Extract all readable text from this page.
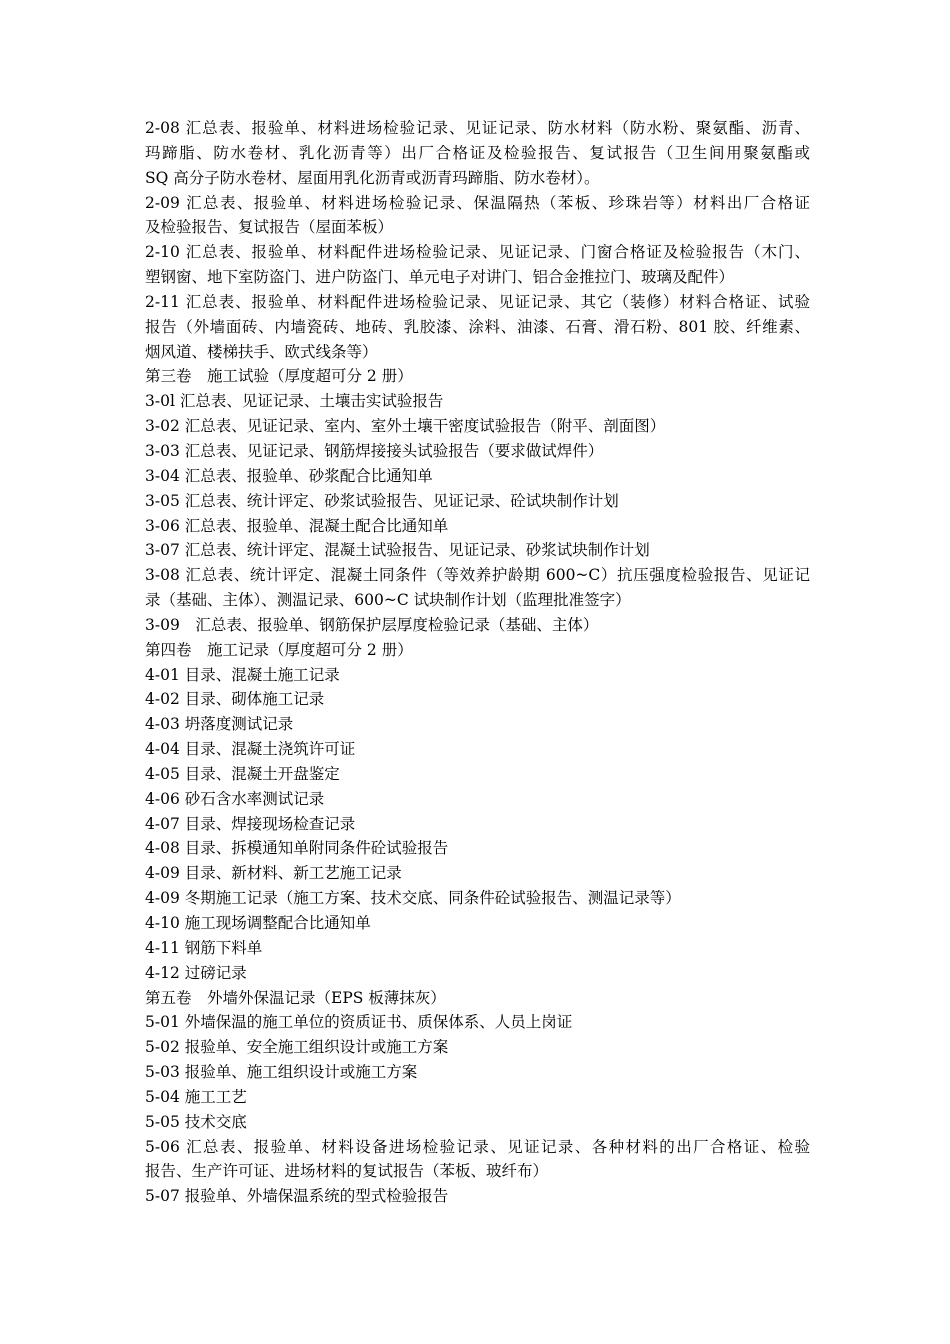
2-08 汇总表、报验单、材料进场检验记录、见证记录、防水材料（防水粉、聚氨酯、沥青、
玛蹄脂、防水卷材、乳化沥青等）出厂合格证及检验报告、复试报告（卫生间用聚氨酯或
SQ 高分子防水卷材、屋面用乳化沥青或沥青玛蹄脂、防水卷材）。
2-09 汇总表、报验单、材料进场检验记录、保温隔热（苯板、珍珠岩等）材料出厂合格证
及检验报告、复试报告（屋面苯板）
2-10 汇总表、报验单、材料配件进场检验记录、见证记录、门窗合格证及检验报告（木门、
塑钢窗、地下室防盗门、进户防盗门、单元电子对讲门、铝合金推拉门、玻璃及配件）
2-11 汇总表、报验单、材料配件进场检验记录、见证记录、其它（装修）材料合格证、试验
报告（外墙面砖、内墙瓷砖、地砖、乳胶漆、涂料、油漆、石膏、滑石粉、801 胶、纤维素、
烟风道、楼梯扶手、欧式线条等）
第三卷　施工试验（厚度超可分 2 册）
3-0l 汇总表、见证记录、土壤击实试验报告
3-02 汇总表、见证记录、室内、室外土壤干密度试验报告（附平、剖面图）
3-03 汇总表、见证记录、钢筋焊接接头试验报告（要求做试焊件）
3-04 汇总表、报验单、砂浆配合比通知单
3-05 汇总表、统计评定、砂浆试验报告、见证记录、砼试块制作计划
3-06 汇总表、报验单、混凝土配合比通知单
3-07 汇总表、统计评定、混凝土试验报告、见证记录、砂浆试块制作计划
3-08 汇总表、统计评定、混凝土同条件（等效养护龄期 600~C）抗压强度检验报告、见证记
录（基础、主体）、测温记录、600~C 试块制作计划（监理批准签字）
3-09　汇总表、报验单、钢筋保护层厚度检验记录（基础、主体）
第四卷　施工记录（厚度超可分 2 册）
4-01 目录、混凝土施工记录
4-02 目录、砌体施工记录
4-03 坍落度测试记录
4-04 目录、混凝土浇筑许可证
4-05 目录、混凝土开盘鉴定
4-06 砂石含水率测试记录
4-07 目录、焊接现场检查记录
4-08 目录、拆模通知单附同条件砼试验报告
4-09 目录、新材料、新工艺施工记录
4-09 冬期施工记录（施工方案、技术交底、同条件砼试验报告、测温记录等）
4-10 施工现场调整配合比通知单
4-11 钢筋下料单
4-12 过磅记录
第五卷　外墙外保温记录（EPS 板薄抹灰）
5-01 外墙保温的施工单位的资质证书、质保体系、人员上岗证
5-02 报验单、安全施工组织设计或施工方案
5-03 报验单、施工组织设计或施工方案
5-04 施工工艺
5-05 技术交底
5-06 汇总表、报验单、材料设备进场检验记录、见证记录、各种材料的出厂合格证、检验
报告、生产许可证、进场材料的复试报告（苯板、玻纤布）
5-07 报验单、外墙保温系统的型式检验报告
